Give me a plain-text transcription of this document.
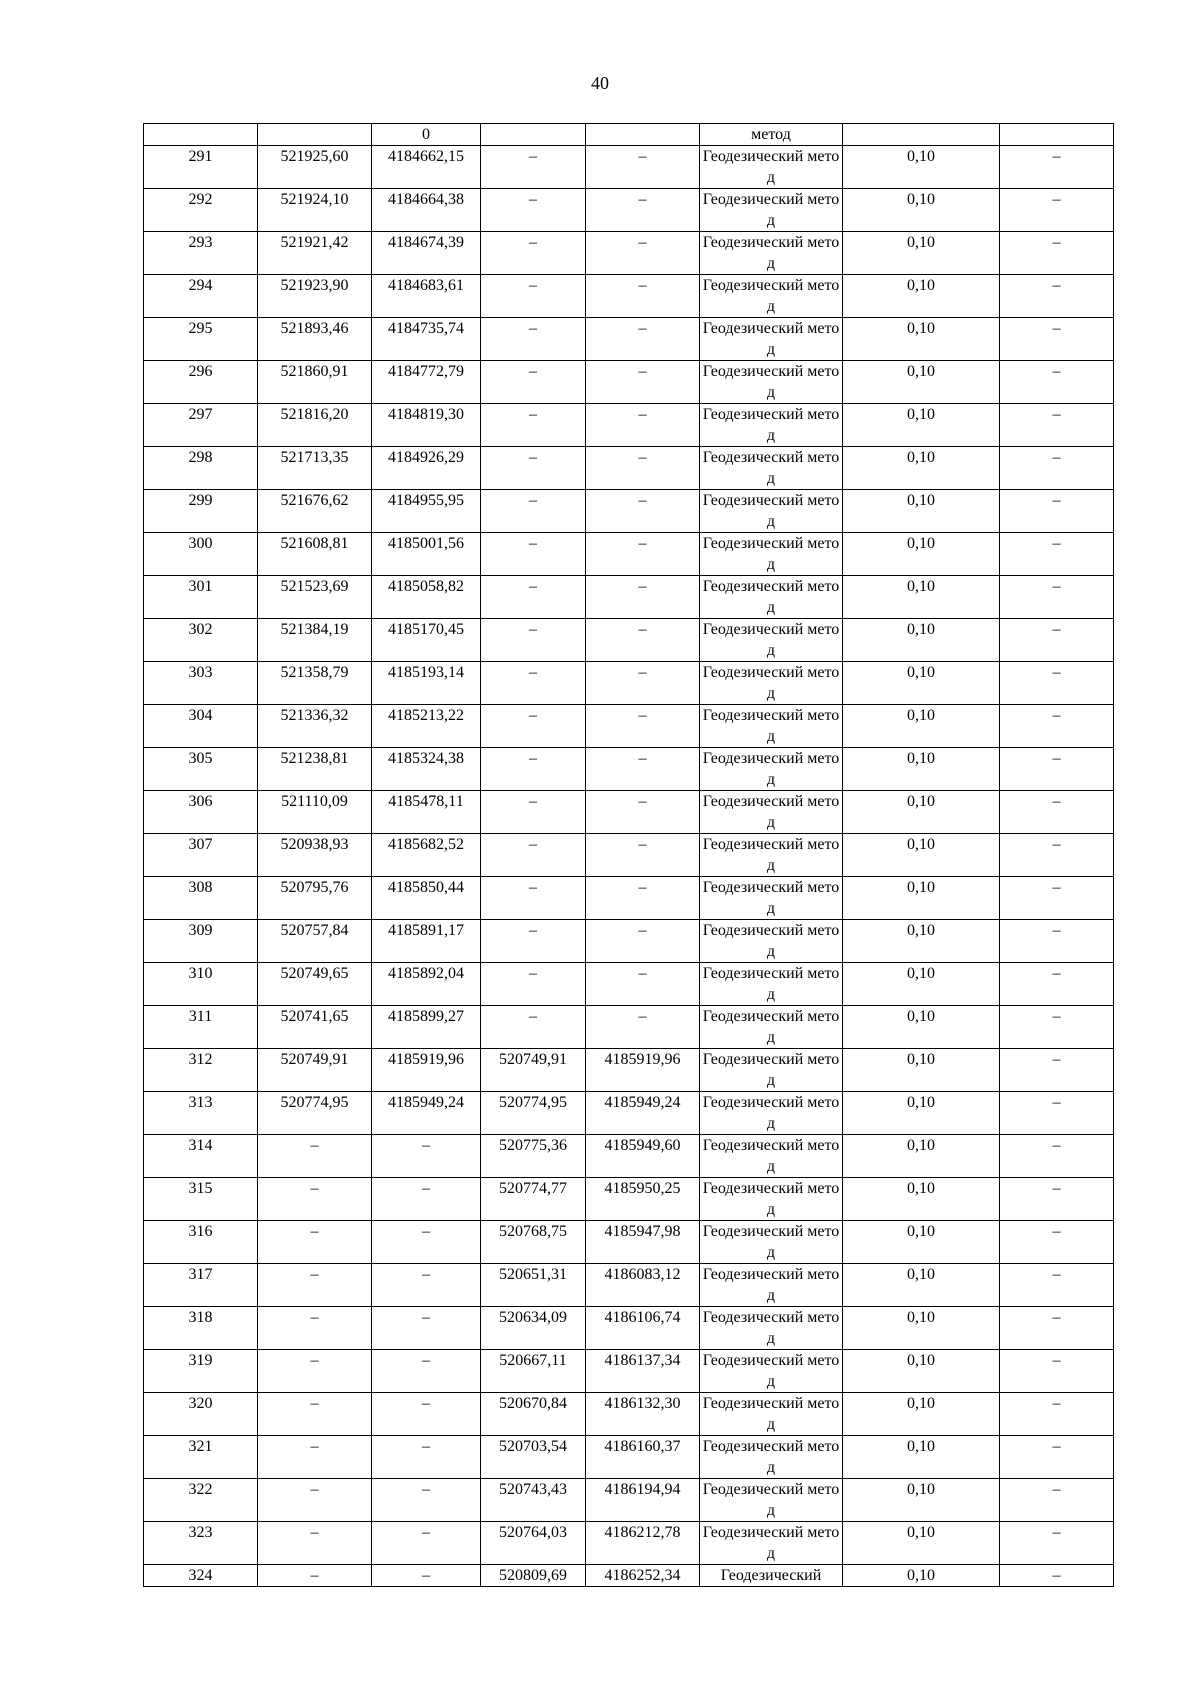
40
		0			метод		
291	521925,60	4184662,15	–	–	Геодезический метод	0,10	–
292	521924,10	4184664,38	–	–	Геодезический метод	0,10	–
293	521921,42	4184674,39	–	–	Геодезический метод	0,10	–
294	521923,90	4184683,61	–	–	Геодезический метод	0,10	–
295	521893,46	4184735,74	–	–	Геодезический метод	0,10	–
296	521860,91	4184772,79	–	–	Геодезический метод	0,10	–
297	521816,20	4184819,30	–	–	Геодезический метод	0,10	–
298	521713,35	4184926,29	–	–	Геодезический метод	0,10	–
299	521676,62	4184955,95	–	–	Геодезический метод	0,10	–
300	521608,81	4185001,56	–	–	Геодезический метод	0,10	–
301	521523,69	4185058,82	–	–	Геодезический метод	0,10	–
302	521384,19	4185170,45	–	–	Геодезический метод	0,10	–
303	521358,79	4185193,14	–	–	Геодезический метод	0,10	–
304	521336,32	4185213,22	–	–	Геодезический метод	0,10	–
305	521238,81	4185324,38	–	–	Геодезический метод	0,10	–
306	521110,09	4185478,11	–	–	Геодезический метод	0,10	–
307	520938,93	4185682,52	–	–	Геодезический метод	0,10	–
308	520795,76	4185850,44	–	–	Геодезический метод	0,10	–
309	520757,84	4185891,17	–	–	Геодезический метод	0,10	–
310	520749,65	4185892,04	–	–	Геодезический метод	0,10	–
311	520741,65	4185899,27	–	–	Геодезический метод	0,10	–
312	520749,91	4185919,96	520749,91	4185919,96	Геодезический метод	0,10	–
313	520774,95	4185949,24	520774,95	4185949,24	Геодезический метод	0,10	–
314	–	–	520775,36	4185949,60	Геодезический метод	0,10	–
315	–	–	520774,77	4185950,25	Геодезический метод	0,10	–
316	–	–	520768,75	4185947,98	Геодезический метод	0,10	–
317	–	–	520651,31	4186083,12	Геодезический метод	0,10	–
318	–	–	520634,09	4186106,74	Геодезический метод	0,10	–
319	–	–	520667,11	4186137,34	Геодезический метод	0,10	–
320	–	–	520670,84	4186132,30	Геодезический метод	0,10	–
321	–	–	520703,54	4186160,37	Геодезический метод	0,10	–
322	–	–	520743,43	4186194,94	Геодезический метод	0,10	–
323	–	–	520764,03	4186212,78	Геодезический метод	0,10	–
324	–	–	520809,69	4186252,34	Геодезический	0,10	–
